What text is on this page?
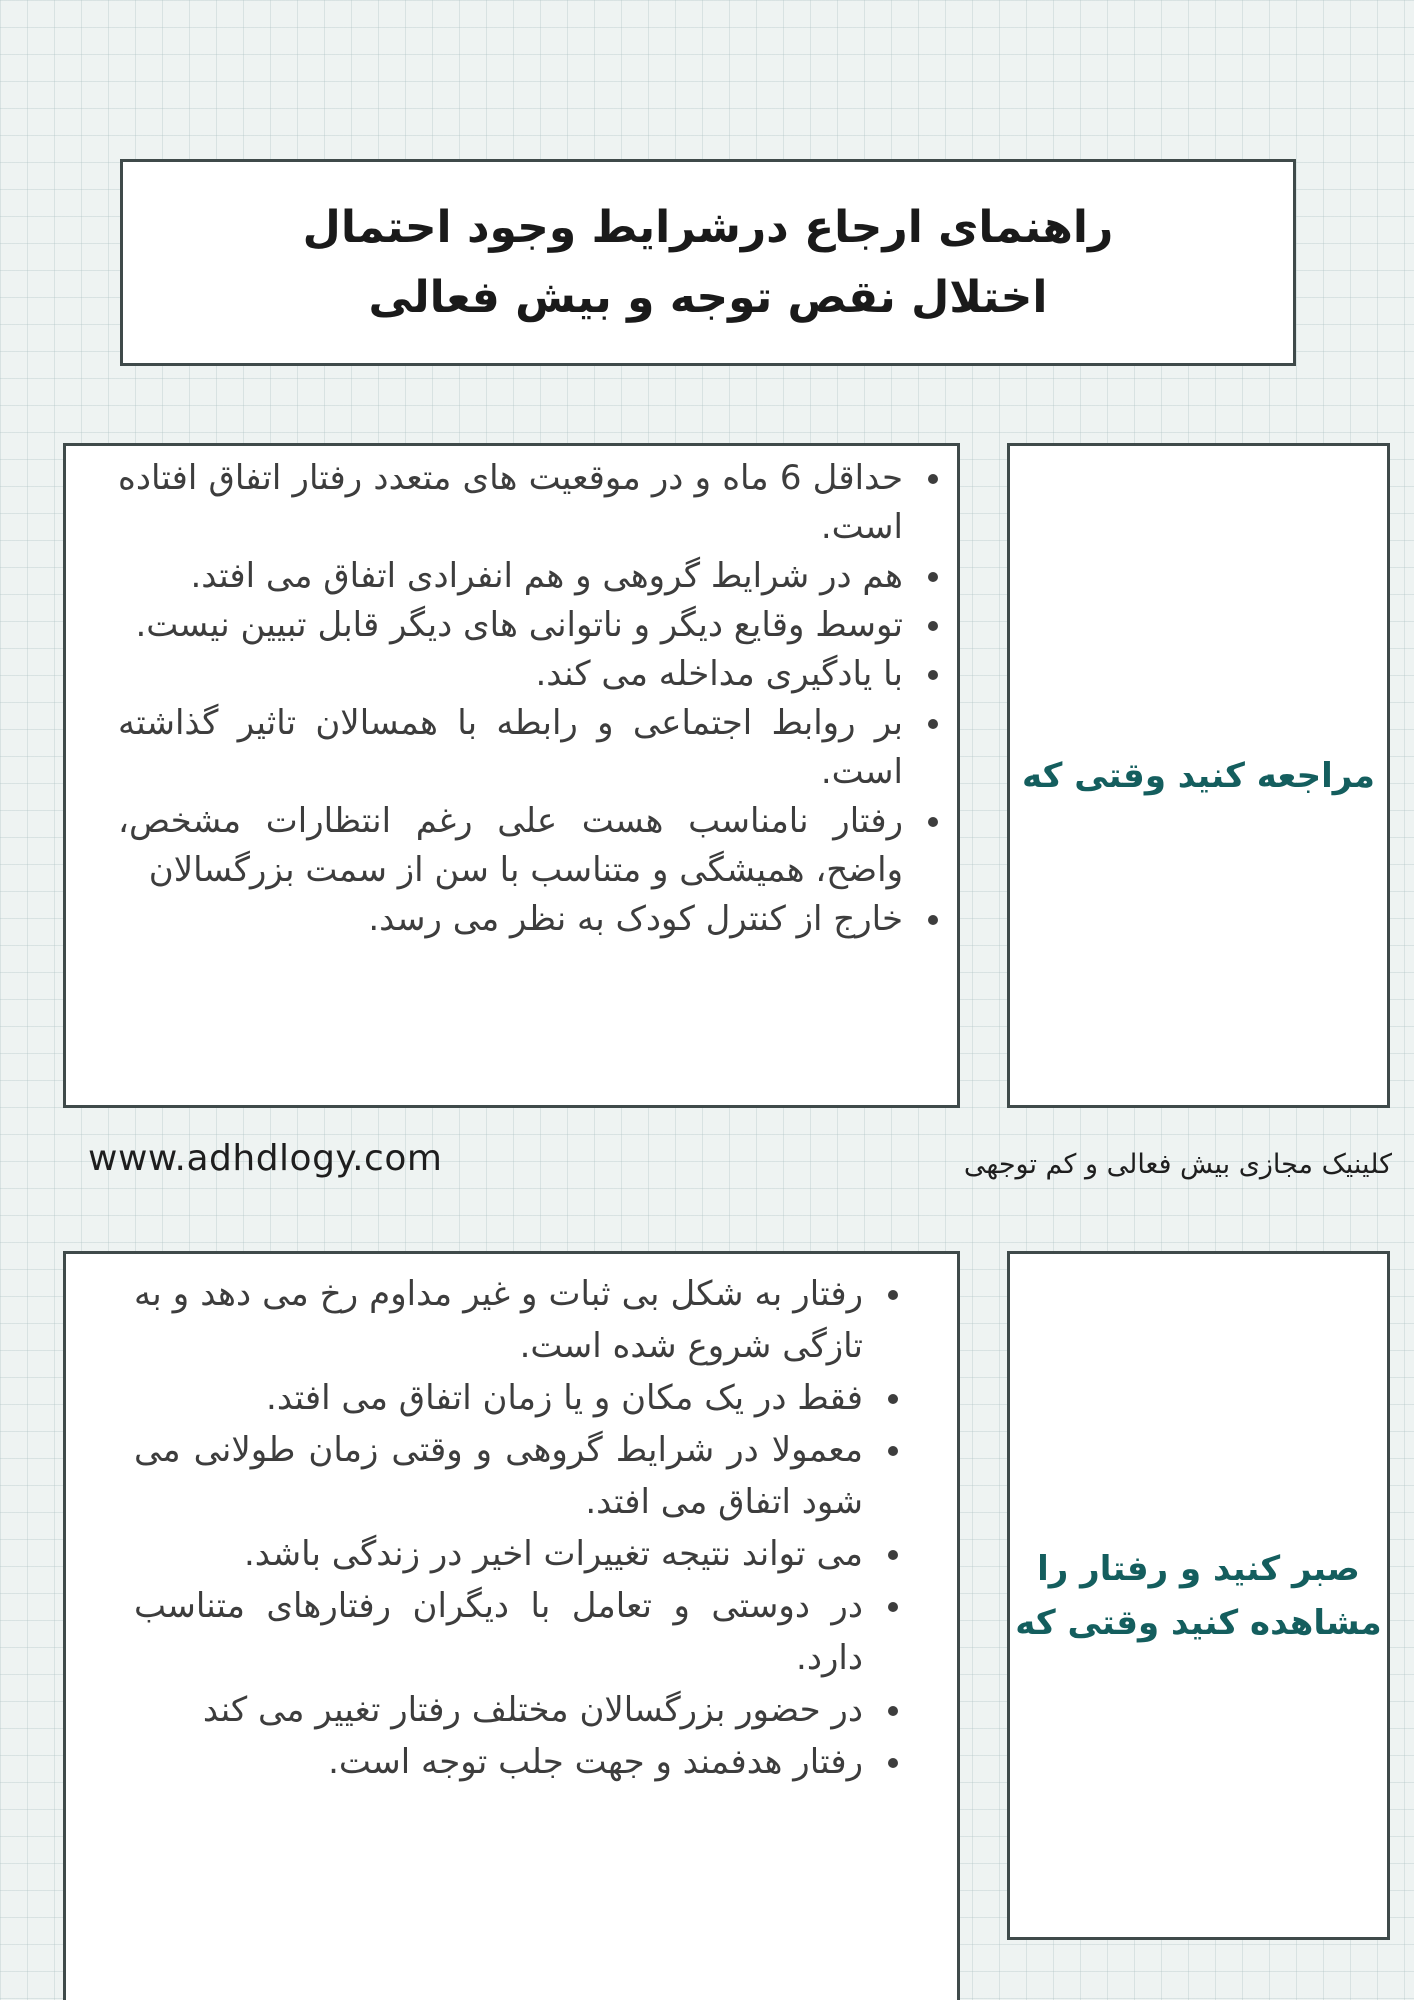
راهنمای ارجاع درشرایط وجود احتمال
اختلال نقص توجه و بیش فعالی
• حداقل 6 ماه و در موقعیت های متعدد رفتار اتفاق افتاده است.
• هم در شرایط گروهی و هم انفرادی اتفاق می افتد.
• توسط وقایع دیگر و ناتوانی های دیگر قابل تبیین نیست.
• با یادگیری مداخله می کند.
• بر روابط اجتماعی و رابطه با همسالان تاثیر گذاشته است.
• رفتار نامناسب هست علی رغم انتظارات مشخص، واضح، همیشگی و متناسب با سن از سمت بزرگسالان
• خارج از کنترل کودک به نظر می رسد.
مراجعه کنید وقتی که
www.adhdlogy.com	کلینیک مجازی بیش فعالی و کم توجهی
• رفتار به شکل بی ثبات و غیر مداوم رخ می دهد و به تازگی شروع شده است.
• فقط در یک مکان و یا زمان اتفاق می افتد.
• معمولا در شرایط گروهی و وقتی زمان طولانی می شود اتفاق می افتد.
• می تواند نتیجه تغییرات اخیر در زندگی باشد.
• در دوستی و تعامل با دیگران رفتارهای متناسب دارد.
• در حضور بزرگسالان مختلف رفتار تغییر می کند
• رفتار هدفمند و جهت جلب توجه است.
صبر کنید و رفتار را
مشاهده کنید وقتی که
